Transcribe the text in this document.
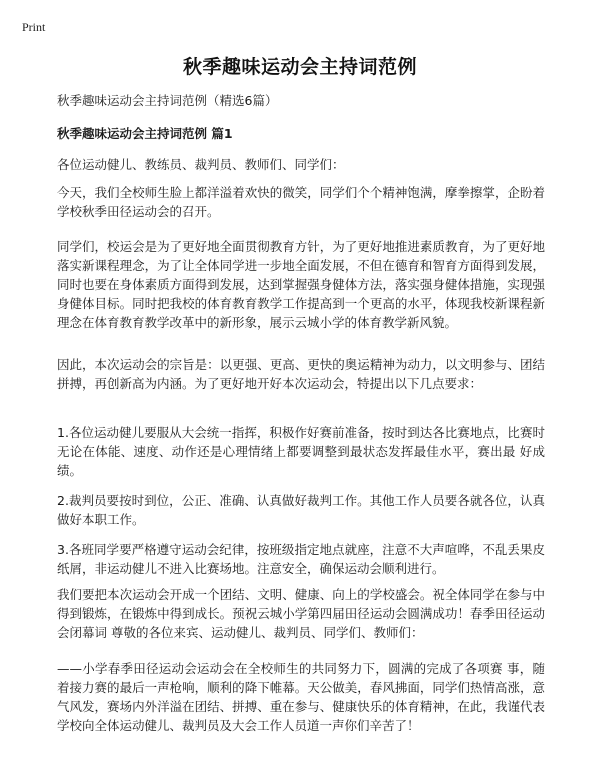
Print
秋季趣味运动会主持词范例
秋季趣味运动会主持词范例（精选6篇）
秋季趣味运动会主持词范例 篇1
各位运动健儿、教练员、裁判员、教师们、同学们：
今天，我们全校师生脸上都洋溢着欢快的微笑，同学们个个精神饱满，摩拳擦掌，企盼着学校秋季田径运动会的召开。
同学们，校运会是为了更好地全面贯彻教育方针，为了更好地推进素质教育，为了更好地落实新课程理念，为了让全体同学进一步地全面发展，不但在德育和智育方面得到发展，同时也要在身体素质方面得到发展，达到掌握强身健体方法，落实强身健体措施，实现强身健体目标。同时把我校的体育教育教学工作提高到一个更高的水平，体现我校新课程新理念在体育教育教学改革中的新形象，展示云城小学的体育教学新风貌。
因此，本次运动会的宗旨是：以更强、更高、更快的奥运精神为动力，以文明参与、团结拼搏，再创新高为内涵。为了更好地开好本次运动会，特提出以下几点要求：
1.各位运动健儿要服从大会统一指挥，积极作好赛前准备，按时到达各比赛地点，比赛时无论在体能、速度、动作还是心理情绪上都要调整到最状态发挥最佳水平，赛出最 好成绩。
2.裁判员要按时到位，公正、准确、认真做好裁判工作。其他工作人员要各就各位，认真做好本职工作。
3.各班同学要严格遵守运动会纪律，按班级指定地点就座，注意不大声喧哗，不乱丢果皮纸屑，非运动健儿不进入比赛场地。注意安全，确保运动会顺利进行。
我们要把本次运动会开成一个团结、文明、健康、向上的学校盛会。祝全体同学在参与中得到锻炼，在锻炼中得到成长。预祝云城小学第四届田径运动会圆满成功！春季田径运动会闭幕词 尊敬的各位来宾、运动健儿、裁判员、同学们、教师们：
——小学春季田径运动会运动会在全校师生的共同努力下，圆满的完成了各项赛 事，随着接力赛的最后一声枪响，顺利的降下帷幕。天公做美，春风拂面，同学们热情高涨，意气风发，赛场内外洋溢在团结、拼搏、重在参与、健康快乐的体育精神，在此，我谨代表学校向全体运动健儿、裁判员及大会工作人员道一声你们辛苦了！
